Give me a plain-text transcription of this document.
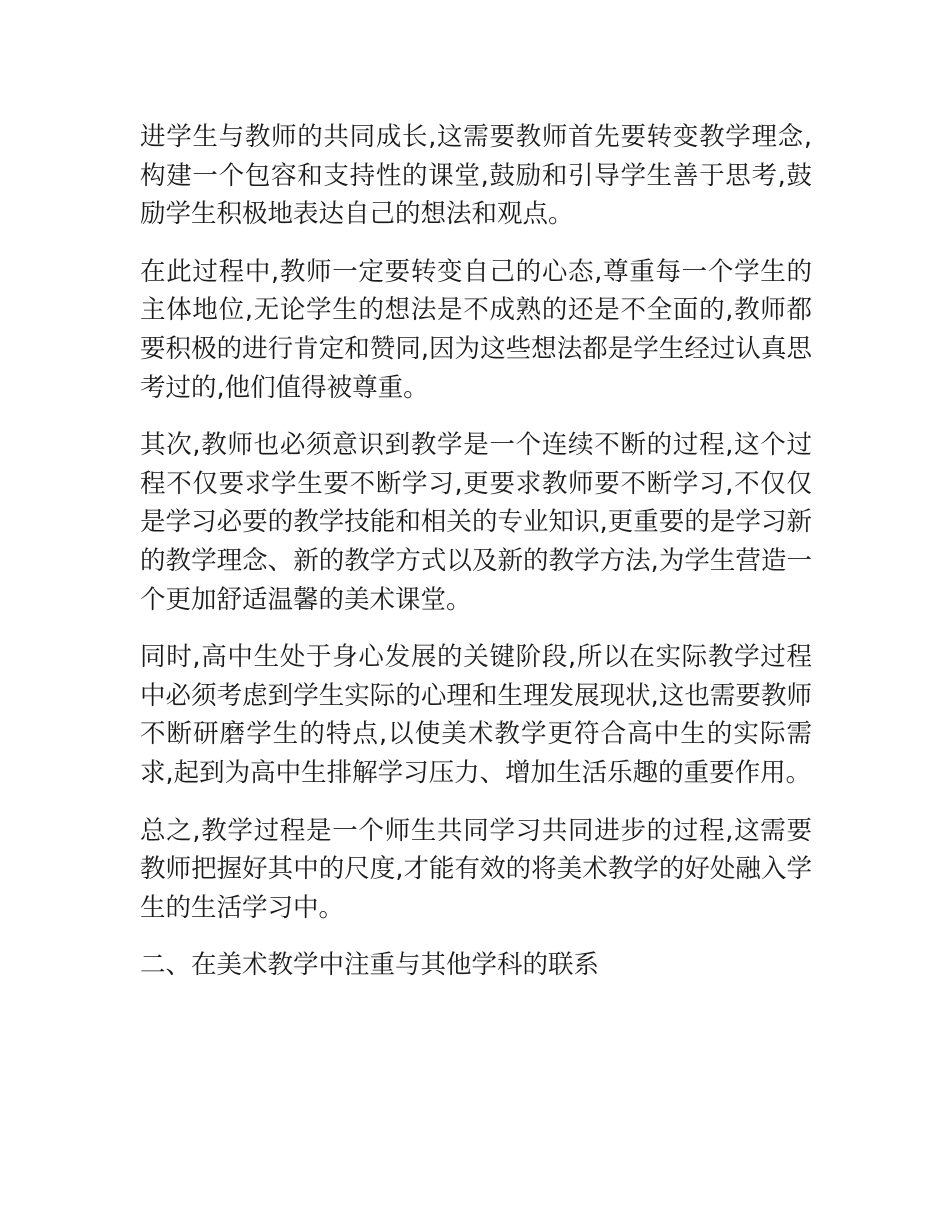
进学生与教师的共同成长,这需要教师首先要转变教学理念,构建一个包容和支持性的课堂,鼓励和引导学生善于思考,鼓励学生积极地表达自己的想法和观点。

在此过程中,教师一定要转变自己的心态,尊重每一个学生的主体地位,无论学生的想法是不成熟的还是不全面的,教师都要积极的进行肯定和赞同,因为这些想法都是学生经过认真思考过的,他们值得被尊重。

其次,教师也必须意识到教学是一个连续不断的过程,这个过程不仅要求学生要不断学习,更要求教师要不断学习,不仅仅是学习必要的教学技能和相关的专业知识,更重要的是学习新的教学理念、新的教学方式以及新的教学方法,为学生营造一个更加舒适温馨的美术课堂。

同时,高中生处于身心发展的关键阶段,所以在实际教学过程中必须考虑到学生实际的心理和生理发展现状,这也需要教师不断研磨学生的特点,以使美术教学更符合高中生的实际需求,起到为高中生排解学习压力、增加生活乐趣的重要作用。

总之,教学过程是一个师生共同学习共同进步的过程,这需要教师把握好其中的尺度,才能有效的将美术教学的好处融入学生的生活学习中。

二、在美术教学中注重与其他学科的联系
